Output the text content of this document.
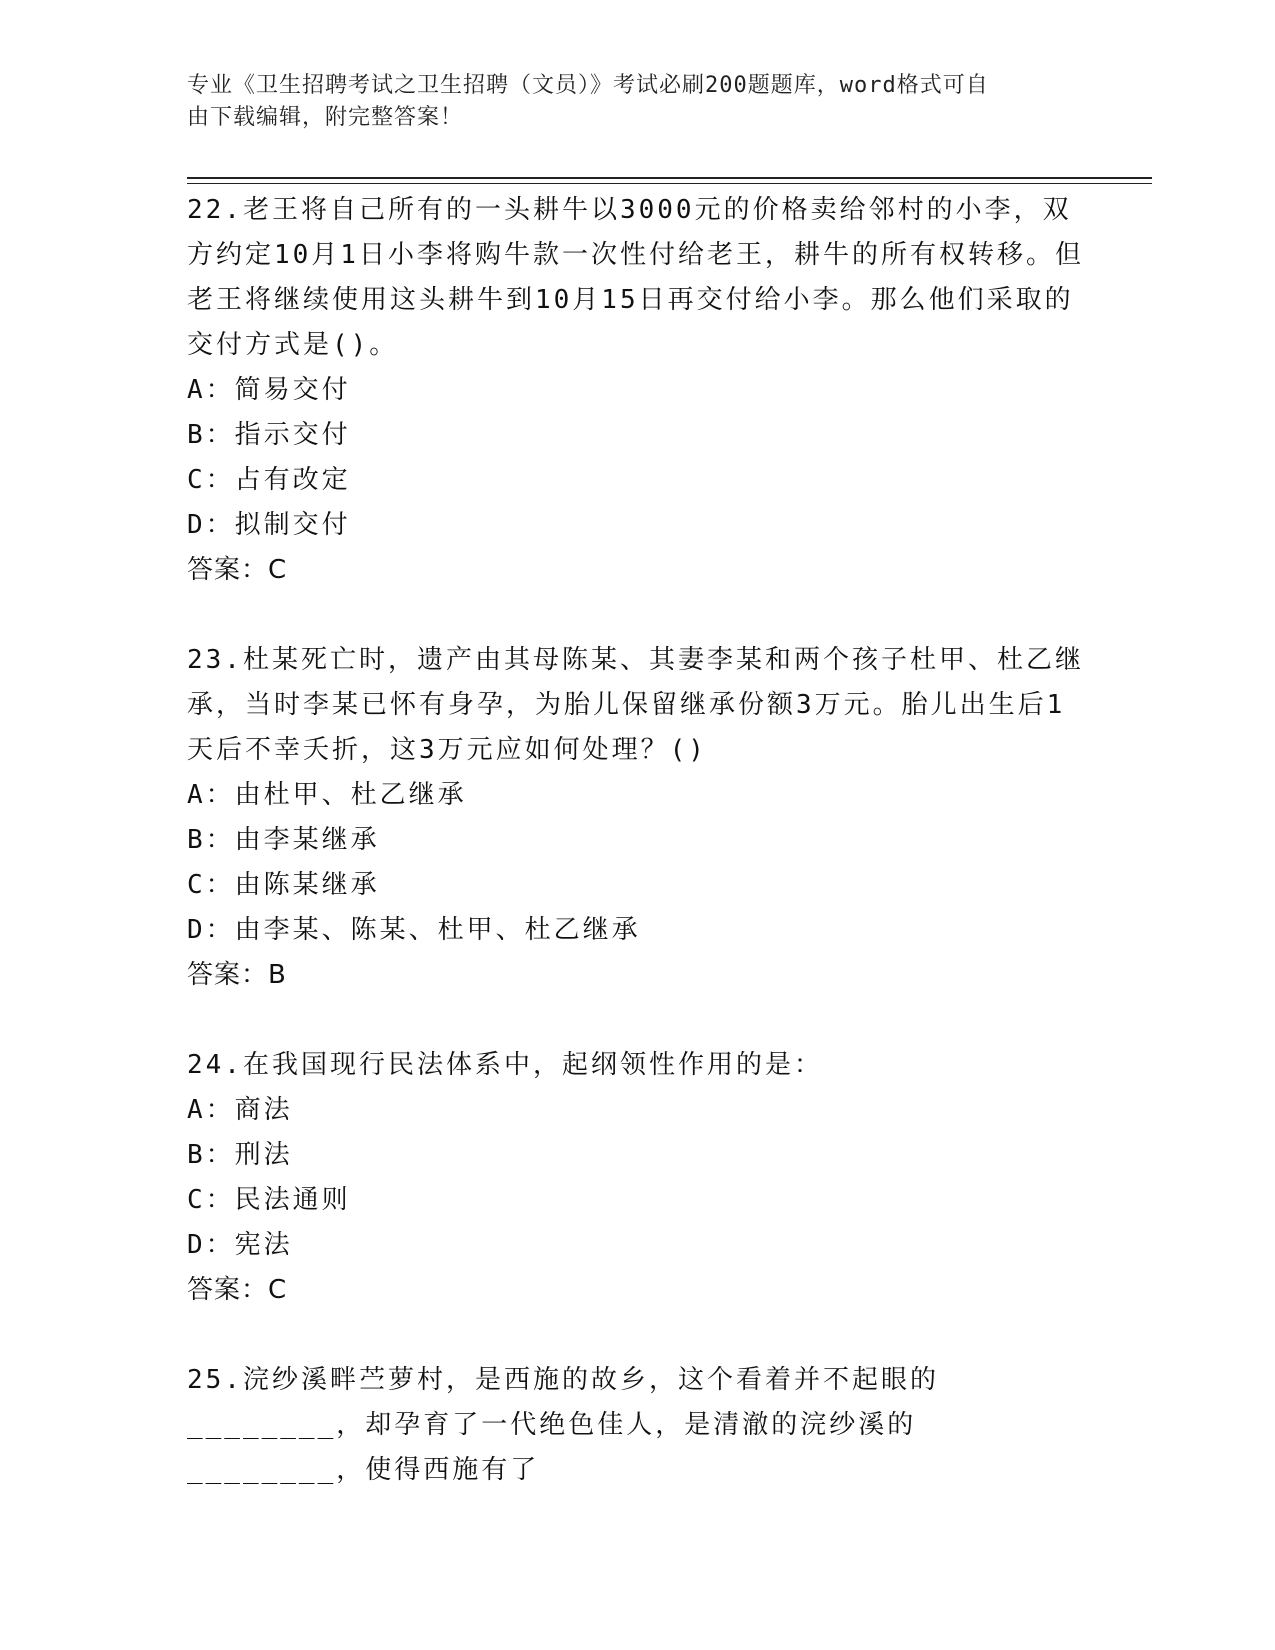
专业《卫生招聘考试之卫生招聘（文员）》考试必刷200题题库，word格式可自
由下载编辑，附完整答案！
22.老王将自己所有的一头耕牛以3000元的价格卖给邻村的小李，双方约定10月1日小李将购牛款一次性付给老王，耕牛的所有权转移。但老王将继续使用这头耕牛到10月15日再交付给小李。那么他们采取的交付方式是()。
A：简易交付
B：指示交付
C：占有改定
D：拟制交付
答案：C
23.杜某死亡时，遗产由其母陈某、其妻李某和两个孩子杜甲、杜乙继承，当时李某已怀有身孕，为胎儿保留继承份额3万元。胎儿出生后1天后不幸夭折，这3万元应如何处理？()
A：由杜甲、杜乙继承
B：由李某继承
C：由陈某继承
D：由李某、陈某、杜甲、杜乙继承
答案：B
24.在我国现行民法体系中，起纲领性作用的是：
A：商法
B：刑法
C：民法通则
D：宪法
答案：C
25.浣纱溪畔苎萝村，是西施的故乡，这个看着并不起眼的________，却孕育了一代绝色佳人，是清澈的浣纱溪的________，使得西施有了
